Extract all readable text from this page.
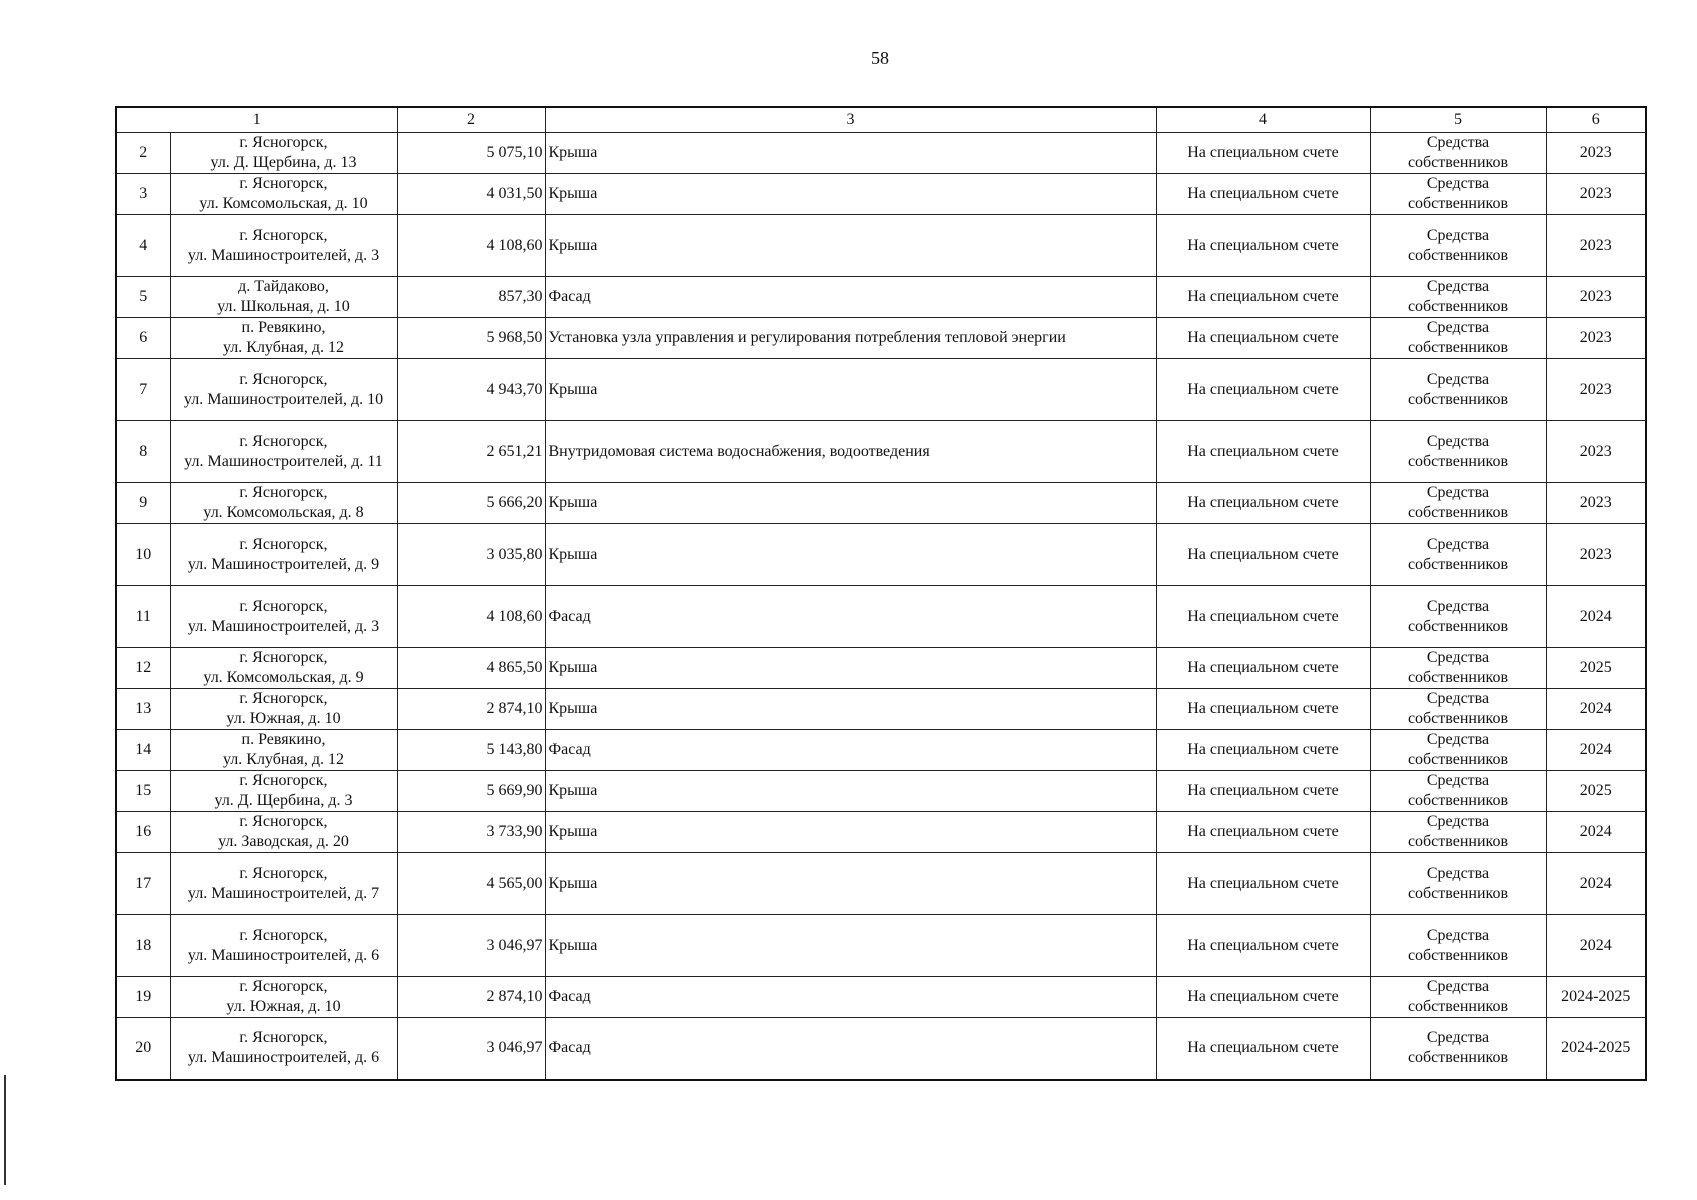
58
1		2	3	4	5	6
2	г. Ясногорск,
ул. Д. Щербина, д. 13	5 075,10	Крыша	На специальном счете	Средства
собственников	2023
3	г. Ясногорск,
ул. Комсомольская, д. 10	4 031,50	Крыша	На специальном счете	Средства
собственников	2023
4	г. Ясногорск,
ул. Машиностроителей, д. 3	4 108,60	Крыша	На специальном счете	Средства
собственников	2023
5	д. Тайдаково,
ул. Школьная, д. 10	857,30	Фасад	На специальном счете	Средства
собственников	2023
6	п. Ревякино,
ул. Клубная, д. 12	5 968,50	Установка узла управления и регулирования потребления тепловой энергии	На специальном счете	Средства
собственников	2023
7	г. Ясногорск,
ул. Машиностроителей, д. 10	4 943,70	Крыша	На специальном счете	Средства
собственников	2023
8	г. Ясногорск,
ул. Машиностроителей, д. 11	2 651,21	Внутридомовая система водоснабжения, водоотведения	На специальном счете	Средства
собственников	2023
9	г. Ясногорск,
ул. Комсомольская, д. 8	5 666,20	Крыша	На специальном счете	Средства
собственников	2023
10	г. Ясногорск,
ул. Машиностроителей, д. 9	3 035,80	Крыша	На специальном счете	Средства
собственников	2023
11	г. Ясногорск,
ул. Машиностроителей, д. 3	4 108,60	Фасад	На специальном счете	Средства
собственников	2024
12	г. Ясногорск,
ул. Комсомольская, д. 9	4 865,50	Крыша	На специальном счете	Средства
собственников	2025
13	г. Ясногорск,
ул. Южная, д. 10	2 874,10	Крыша	На специальном счете	Средства
собственников	2024
14	п. Ревякино,
ул. Клубная, д. 12	5 143,80	Фасад	На специальном счете	Средства
собственников	2024
15	г. Ясногорск,
ул. Д. Щербина, д. 3	5 669,90	Крыша	На специальном счете	Средства
собственников	2025
16	г. Ясногорск,
ул. Заводская, д. 20	3 733,90	Крыша	На специальном счете	Средства
собственников	2024
17	г. Ясногорск,
ул. Машиностроителей, д. 7	4 565,00	Крыша	На специальном счете	Средства
собственников	2024
18	г. Ясногорск,
ул. Машиностроителей, д. 6	3 046,97	Крыша	На специальном счете	Средства
собственников	2024
19	г. Ясногорск,
ул. Южная, д. 10	2 874,10	Фасад	На специальном счете	Средства
собственников	2024-2025
20	г. Ясногорск,
ул. Машиностроителей, д. 6	3 046,97	Фасад	На специальном счете	Средства
собственников	2024-2025
